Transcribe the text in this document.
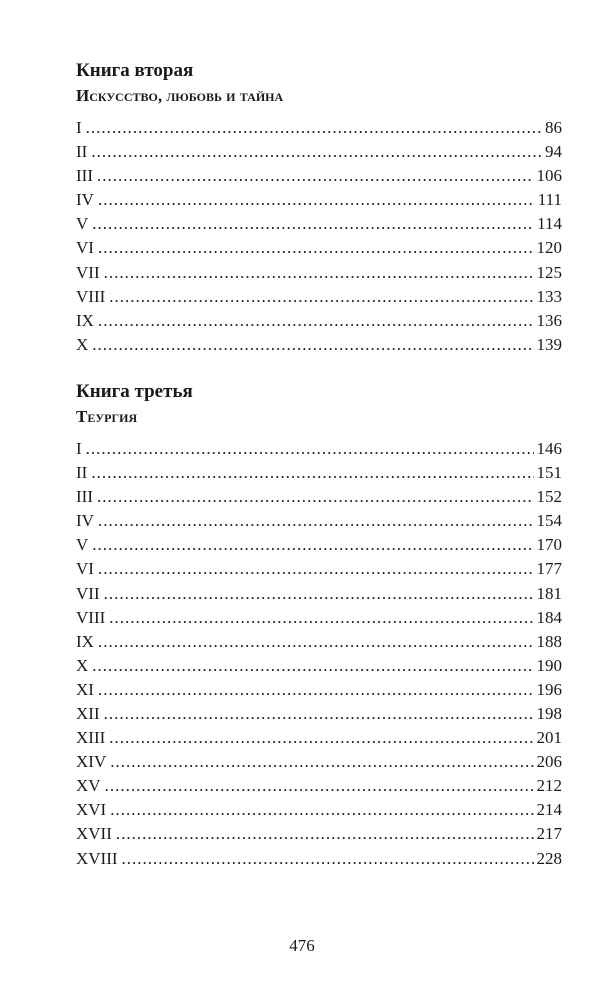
Книга вторая
Искусство, любовь и тайна
I .....	86
II .....	94
III .....	106
IV .....	111
V .....	114
VI .....	120
VII .....	125
VIII .....	133
IX .....	136
X .....	139
Книга третья
Теургия
I .....	146
II .....	151
III .....	152
IV .....	154
V .....	170
VI .....	177
VII .....	181
VIII .....	184
IX .....	188
X .....	190
XI .....	196
XII .....	198
XIII .....	201
XIV .....	206
XV .....	212
XVI .....	214
XVII .....	217
XVIII .....	228
476
